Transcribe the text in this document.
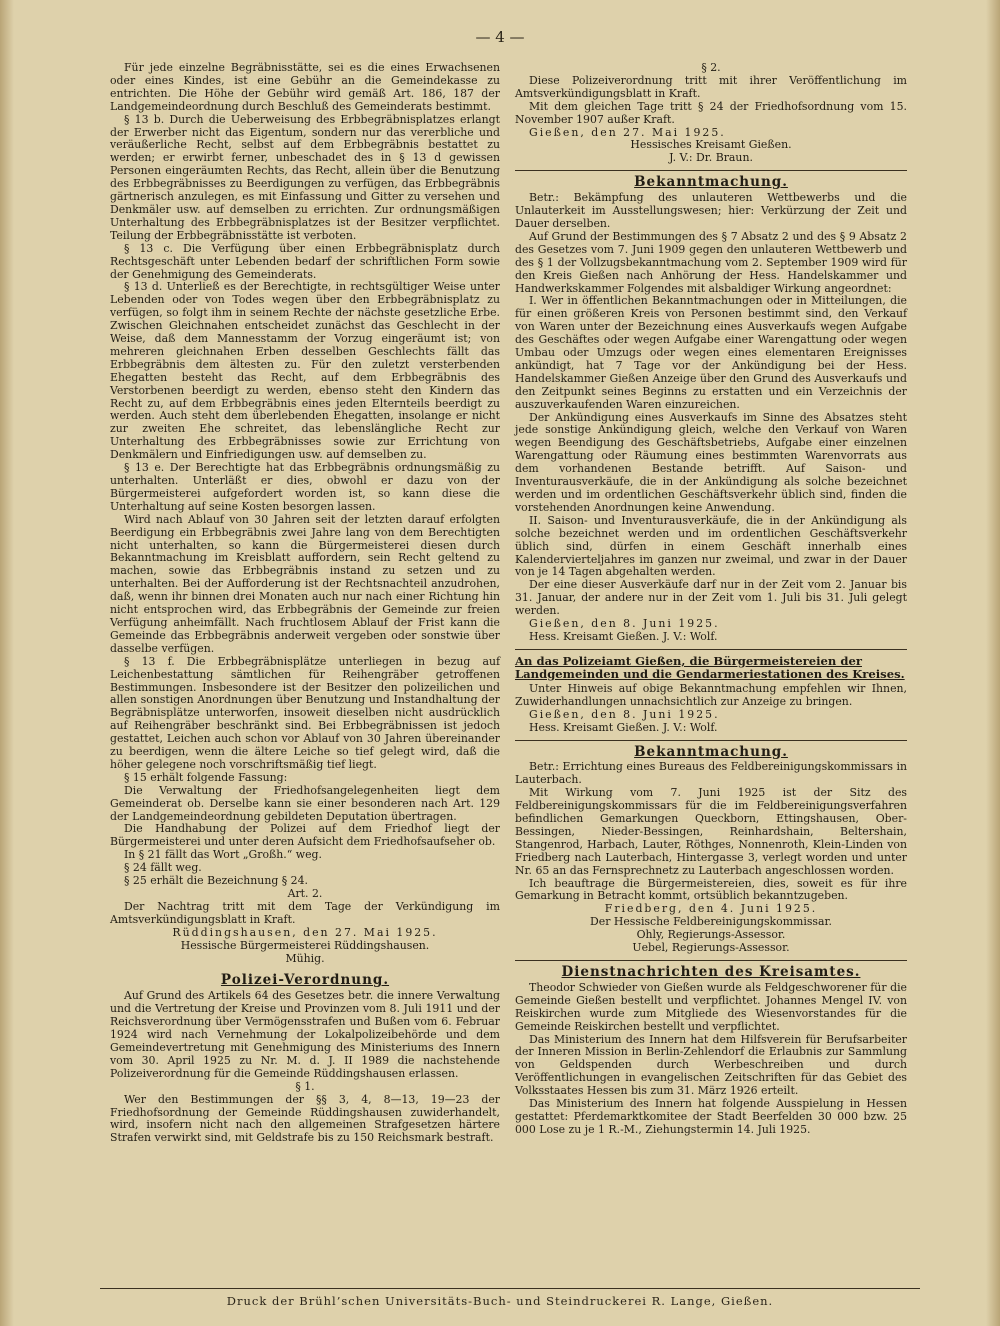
— 4 —

Für jede einzelne Begräbnisstätte, sei es die eines Erwachsenen oder eines Kindes, ist eine Gebühr an die Gemeindekasse zu entrichten. Die Höhe der Gebühr wird gemäß Art. 186, 187 der Landgemeindeordnung durch Beschluß des Gemeinderats bestimmt.

§ 13 b. Durch die Ueberweisung des Erbbegräbnisplatzes erlangt der Erwerber nicht das Eigentum, sondern nur das vererbliche und veräußerliche Recht, selbst auf dem Erbbegräbnis bestattet zu werden; er erwirbt ferner, unbeschadet des in § 13 d gewissen Personen eingeräumten Rechts, das Recht, allein über die Benutzung des Erbbegräbnisses zu Beerdigungen zu verfügen, das Erbbegräbnis gärtnerisch anzulegen, es mit Einfassung und Gitter zu versehen und Denkmäler usw. auf demselben zu errichten. Zur ordnungsmäßigen Unterhaltung des Erbbegräbnisplatzes ist der Besitzer verpflichtet. Teilung der Erbbegräbnisstätte ist verboten.

§ 13 c. Die Verfügung über einen Erbbegräbnisplatz durch Rechtsgeschäft unter Lebenden bedarf der schriftlichen Form sowie der Genehmigung des Gemeinderats.

§ 13 d. Unterließ es der Berechtigte, in rechtsgültiger Weise unter Lebenden oder von Todes wegen über den Erbbegräbnisplatz zu verfügen, so folgt ihm in seinem Rechte der nächste gesetzliche Erbe. Zwischen Gleichnahen entscheidet zunächst das Geschlecht in der Weise, daß dem Mannesstamm der Vorzug eingeräumt ist; von mehreren gleichnahen Erben desselben Geschlechts fällt das Erbbegräbnis dem ältesten zu. Für den zuletzt versterbenden Ehegatten besteht das Recht, auf dem Erbbegräbnis des Verstorbenen beerdigt zu werden, ebenso steht den Kindern das Recht zu, auf dem Erbbegräbnis eines jeden Elternteils beerdigt zu werden. Auch steht dem überlebenden Ehegatten, insolange er nicht zur zweiten Ehe schreitet, das lebenslängliche Recht zur Unterhaltung des Erbbegräbnisses sowie zur Errichtung von Denkmälern und Einfriedigungen usw. auf demselben zu.

§ 13 e. Der Berechtigte hat das Erbbegräbnis ordnungsmäßig zu unterhalten. Unterläßt er dies, obwohl er dazu von der Bürgermeisterei aufgefordert worden ist, so kann diese die Unterhaltung auf seine Kosten besorgen lassen.

Wird nach Ablauf von 30 Jahren seit der letzten darauf erfolgten Beerdigung ein Erbbegräbnis zwei Jahre lang von dem Berechtigten nicht unterhalten, so kann die Bürgermeisterei diesen durch Bekanntmachung im Kreisblatt auffordern, sein Recht geltend zu machen, sowie das Erbbegräbnis instand zu setzen und zu unterhalten. Bei der Aufforderung ist der Rechtsnachteil anzudrohen, daß, wenn ihr binnen drei Monaten auch nur nach einer Richtung hin nicht entsprochen wird, das Erbbegräbnis der Gemeinde zur freien Verfügung anheimfällt. Nach fruchtlosem Ablauf der Frist kann die Gemeinde das Erbbegräbnis anderweit vergeben oder sonstwie über dasselbe verfügen.

§ 13 f. Die Erbbegräbnisplätze unterliegen in bezug auf Leichenbestattung sämtlichen für Reihengräber getroffenen Bestimmungen. Insbesondere ist der Besitzer den polizeilichen und allen sonstigen Anordnungen über Benutzung und Instandhaltung der Begräbnisplätze unterworfen, insoweit dieselben nicht ausdrücklich auf Reihengräber beschränkt sind. Bei Erbbegräbnissen ist jedoch gestattet, Leichen auch schon vor Ablauf von 30 Jahren übereinander zu beerdigen, wenn die ältere Leiche so tief gelegt wird, daß die höher gelegene noch vorschriftsmäßig tief liegt.

§ 15 erhält folgende Fassung:

Die Verwaltung der Friedhofsangelegenheiten liegt dem Gemeinderat ob. Derselbe kann sie einer besonderen nach Art. 129 der Landgemeindeordnung gebildeten Deputation übertragen.

Die Handhabung der Polizei auf dem Friedhof liegt der Bürgermeisterei und unter deren Aufsicht dem Friedhofsaufseher ob.

In § 21 fällt das Wort „Großh.“ weg.

§ 24 fällt weg.

§ 25 erhält die Bezeichnung § 24.

Art. 2.

Der Nachtrag tritt mit dem Tage der Verkündigung im Amtsverkündigungsblatt in Kraft.

Rüddingshausen, den 27. Mai 1925.

Hessische Bürgermeisterei Rüddingshausen.

Mühig.

Polizei-Verordnung.

Auf Grund des Artikels 64 des Gesetzes betr. die innere Verwaltung und die Vertretung der Kreise und Provinzen vom 8. Juli 1911 und der Reichsverordnung über Vermögensstrafen und Bußen vom 6. Februar 1924 wird nach Vernehmung der Lokalpolizeibehörde und dem Gemeindevertretung mit Genehmigung des Ministeriums des Innern vom 30. April 1925 zu Nr. M. d. J. II 1989 die nachstehende Polizeiverordnung für die Gemeinde Rüddingshausen erlassen.

§ 1.

Wer den Bestimmungen der §§ 3, 4, 8—13, 19—23 der Friedhofsordnung der Gemeinde Rüddingshausen zuwiderhandelt, wird, insofern nicht nach den allgemeinen Strafgesetzen härtere Strafen verwirkt sind, mit Geldstrafe bis zu 150 Reichsmark bestraft.

§ 2.

Diese Polizeiverordnung tritt mit ihrer Veröffentlichung im Amtsverkündigungsblatt in Kraft.

Mit dem gleichen Tage tritt § 24 der Friedhofsordnung vom 15. November 1907 außer Kraft.

Gießen, den 27. Mai 1925.

Hessisches Kreisamt Gießen.

J. V.: Dr. Braun.

Bekanntmachung.

Betr.: Bekämpfung des unlauteren Wettbewerbs und die Unlauterkeit im Ausstellungswesen; hier: Verkürzung der Zeit und Dauer derselben.

Auf Grund der Bestimmungen des § 7 Absatz 2 und des § 9 Absatz 2 des Gesetzes vom 7. Juni 1909 gegen den unlauteren Wettbewerb und des § 1 der Vollzugsbekanntmachung vom 2. September 1909 wird für den Kreis Gießen nach Anhörung der Hess. Handelskammer und Handwerkskammer Folgendes mit alsbaldiger Wirkung angeordnet:

I. Wer in öffentlichen Bekanntmachungen oder in Mitteilungen, die für einen größeren Kreis von Personen bestimmt sind, den Verkauf von Waren unter der Bezeichnung eines Ausverkaufs wegen Aufgabe des Geschäftes oder wegen Aufgabe einer Warengattung oder wegen Umbau oder Umzugs oder wegen eines elementaren Ereignisses ankündigt, hat 7 Tage vor der Ankündigung bei der Hess. Handelskammer Gießen Anzeige über den Grund des Ausverkaufs und den Zeitpunkt seines Beginns zu erstatten und ein Verzeichnis der auszuverkaufenden Waren einzureichen.

Der Ankündigung eines Ausverkaufs im Sinne des Absatzes steht jede sonstige Ankündigung gleich, welche den Verkauf von Waren wegen Beendigung des Geschäftsbetriebs, Aufgabe einer einzelnen Warengattung oder Räumung eines bestimmten Warenvorrats aus dem vorhandenen Bestande betrifft. Auf Saison- und Inventurausverkäufe, die in der Ankündigung als solche bezeichnet werden und im ordentlichen Geschäftsverkehr üblich sind, finden die vorstehenden Anordnungen keine Anwendung.

II. Saison- und Inventurausverkäufe, die in der Ankündigung als solche bezeichnet werden und im ordentlichen Geschäftsverkehr üblich sind, dürfen in einem Geschäft innerhalb eines Kalendervierteljahres im ganzen nur zweimal, und zwar in der Dauer von je 14 Tagen abgehalten werden.

Der eine dieser Ausverkäufe darf nur in der Zeit vom 2. Januar bis 31. Januar, der andere nur in der Zeit vom 1. Juli bis 31. Juli gelegt werden.

Gießen, den 8. Juni 1925.

Hess. Kreisamt Gießen. J. V.: Wolf.

An das Polizeiamt Gießen, die Bürgermeistereien der Landgemeinden und die Gendarmeriestationen des Kreises.

Unter Hinweis auf obige Bekanntmachung empfehlen wir Ihnen, Zuwiderhandlungen unnachsichtlich zur Anzeige zu bringen.

Gießen, den 8. Juni 1925.

Hess. Kreisamt Gießen. J. V.: Wolf.

Bekanntmachung.

Betr.: Errichtung eines Bureaus des Feldbereinigungskommissars in Lauterbach.

Mit Wirkung vom 7. Juni 1925 ist der Sitz des Feldbereinigungskommissars für die im Feldbereinigungsverfahren befindlichen Gemarkungen Queckborn, Ettingshausen, Ober-Bessingen, Nieder-Bessingen, Reinhardshain, Beltershain, Stangenrod, Harbach, Lauter, Röthges, Nonnenroth, Klein-Linden von Friedberg nach Lauterbach, Hintergasse 3, verlegt worden und unter Nr. 65 an das Fernsprechnetz zu Lauterbach angeschlossen worden.

Ich beauftrage die Bürgermeistereien, dies, soweit es für ihre Gemarkung in Betracht kommt, ortsüblich bekanntzugeben.

Friedberg, den 4. Juni 1925.

Der Hessische Feldbereinigungskommissar.

Ohly, Regierungs-Assessor.

Uebel, Regierungs-Assessor.

Dienstnachrichten des Kreisamtes.

Theodor Schwieder von Gießen wurde als Feldgeschworener für die Gemeinde Gießen bestellt und verpflichtet. Johannes Mengel IV. von Reiskirchen wurde zum Mitgliede des Wiesenvorstandes für die Gemeinde Reiskirchen bestellt und verpflichtet.

Das Ministerium des Innern hat dem Hilfsverein für Berufsarbeiter der Inneren Mission in Berlin-Zehlendorf die Erlaubnis zur Sammlung von Geldspenden durch Werbeschreiben und durch Veröffentlichungen in evangelischen Zeitschriften für das Gebiet des Volksstaates Hessen bis zum 31. März 1926 erteilt.

Das Ministerium des Innern hat folgende Ausspielung in Hessen gestattet: Pferdemarktkomitee der Stadt Beerfelden 30 000 bzw. 25 000 Lose zu je 1 R.-M., Ziehungstermin 14. Juli 1925.

Druck der Brühl’schen Universitäts-Buch- und Steindruckerei R. Lange, Gießen.
